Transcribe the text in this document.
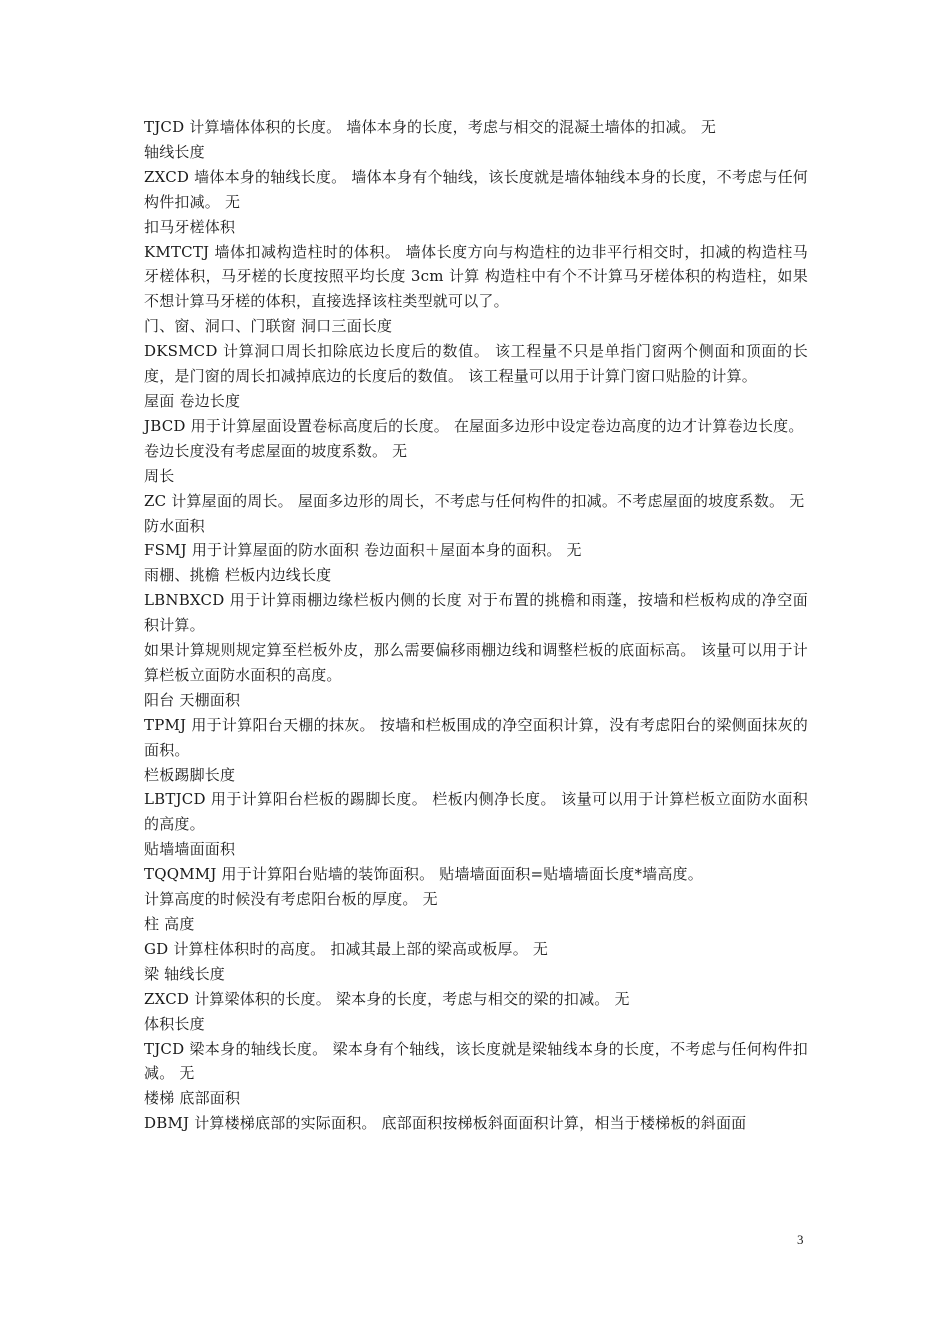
TJCD 计算墙体体积的长度。 墙体本身的长度，考虑与相交的混凝土墙体的扣减。 无

轴线长度

ZXCD 墙体本身的轴线长度。 墙体本身有个轴线，该长度就是墙体轴线本身的长度，不考虑与任何构件扣减。 无

扣马牙槎体积

KMTCTJ 墙体扣减构造柱时的体积。 墙体长度方向与构造柱的边非平行相交时，扣减的构造柱马牙槎体积，马牙槎的长度按照平均长度 3cm 计算 构造柱中有个不计算马牙槎体积的构造柱，如果不想计算马牙槎的体积，直接选择该柱类型就可以了。

门、窗、洞口、门联窗 洞口三面长度

DKSMCD 计算洞口周长扣除底边长度后的数值。 该工程量不只是单指门窗两个侧面和顶面的长度，是门窗的周长扣减掉底边的长度后的数值。 该工程量可以用于计算门窗口贴脸的计算。

屋面 卷边长度

JBCD 用于计算屋面设置卷标高度后的长度。 在屋面多边形中设定卷边高度的边才计算卷边长度。

卷边长度没有考虑屋面的坡度系数。 无

周长

ZC 计算屋面的周长。 屋面多边形的周长，不考虑与任何构件的扣减。不考虑屋面的坡度系数。 无

防水面积

FSMJ 用于计算屋面的防水面积 卷边面积＋屋面本身的面积。 无

雨棚、挑檐 栏板内边线长度

LBNBXCD 用于计算雨棚边缘栏板内侧的长度 对于布置的挑檐和雨蓬，按墙和栏板构成的净空面积计算。

如果计算规则规定算至栏板外皮，那么需要偏移雨棚边线和调整栏板的底面标高。 该量可以用于计算栏板立面防水面积的高度。

阳台 天棚面积

TPMJ 用于计算阳台天棚的抹灰。 按墙和栏板围成的净空面积计算，没有考虑阳台的梁侧面抹灰的面积。

栏板踢脚长度

LBTJCD 用于计算阳台栏板的踢脚长度。 栏板内侧净长度。 该量可以用于计算栏板立面防水面积的高度。

贴墙墙面面积

TQQMMJ 用于计算阳台贴墙的装饰面积。 贴墙墙面面积=贴墙墙面长度*墙高度。

计算高度的时候没有考虑阳台板的厚度。 无

柱 高度

GD 计算柱体积时的高度。 扣减其最上部的梁高或板厚。 无

梁 轴线长度

ZXCD 计算梁体积的长度。 梁本身的长度，考虑与相交的梁的扣减。 无

体积长度

TJCD 梁本身的轴线长度。 梁本身有个轴线，该长度就是梁轴线本身的长度，不考虑与任何构件扣减。 无

楼梯 底部面积

DBMJ 计算楼梯底部的实际面积。 底部面积按梯板斜面面积计算，相当于楼梯板的斜面面

3
